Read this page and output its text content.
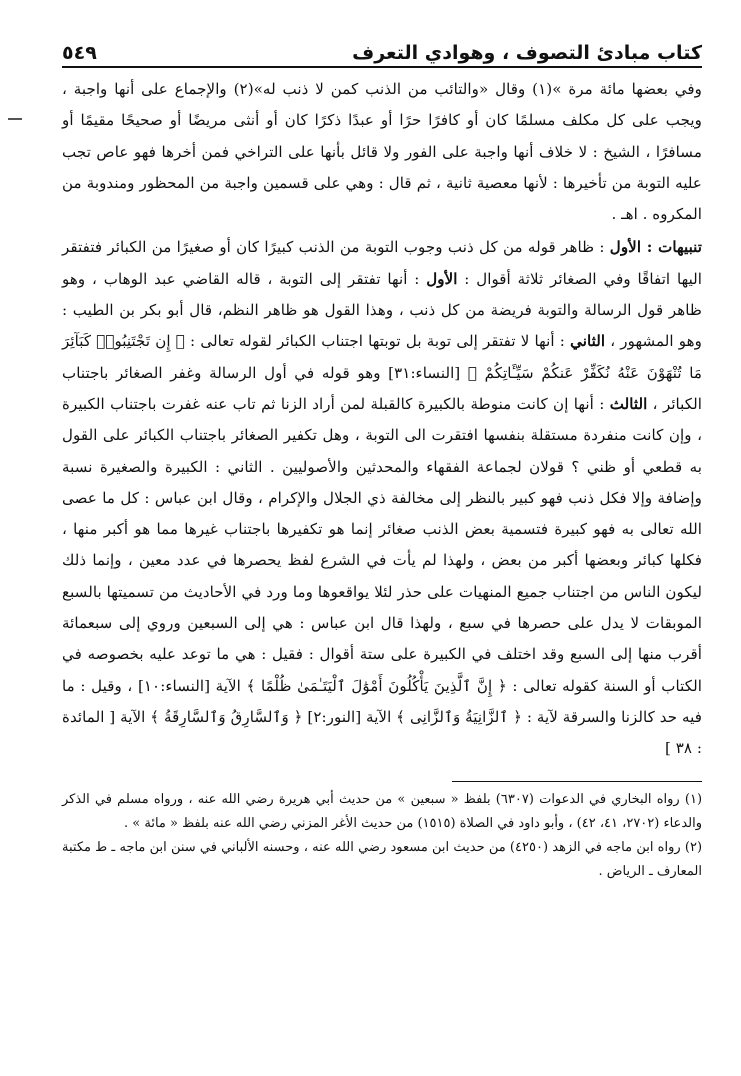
كتاب مبادئ التصوف ، وهوادي التعرف
٥٤٩

وفي بعضها مائة مرة »(١) وقال «والتائب من الذنب كمن لا ذنب له»(٢) والإجماع على أنها واجبة ، ويجب على كل مكلف مسلمًا كان أو كافرًا حرًا أو عبدًا ذكرًا كان أو أنثى مريضًا أو صحيحًا مقيمًا أو مسافرًا ، الشيخ : لا خلاف أنها واجبة على الفور ولا قائل بأنها على التراخي فمن أخرها فهو عاص تجب عليه التوبة من تأخيرها : لأنها معصية ثانية ، ثم قال : وهي على قسمين واجبة من المحظور ومندوبة من المكروه . اهـ .

تنبيهات : الأول : ظاهر قوله من كل ذنب وجوب التوبة من الذنب كبيرًا كان أو صغيرًا من الكبائر فتفتقر اليها اتفاقًا وفي الصغائر ثلاثة أقوال : الأول : أنها تفتقر إلى التوبة ، قاله القاضي عبد الوهاب ، وهو ظاهر قول الرسالة والتوبة فريضة من كل ذنب ، وهذا القول هو ظاهر النظم، قال أبو بكر بن الطيب : وهو المشهور ، الثاني : أنها لا تفتقر إلى توبة بل توبتها اجتناب الكبائر لقوله تعالى : ﴿ إِن تَجْتَنِبُوا۟ كَبَآئِرَ مَا تُنْهَوْنَ عَنْهُ نُكَفِّرْ عَنكُمْ سَيِّـَٔاتِكُمْ ﴾ [النساء:٣١] وهو قوله في أول الرسالة وغفر الصغائر باجتناب الكبائر ، الثالث : أنها إن كانت منوطة بالكبيرة كالقبلة لمن أراد الزنا ثم تاب عنه غفرت باجتناب الكبيرة ، وإن كانت منفردة مستقلة بنفسها افتقرت الى التوبة ، وهل تكفير الصغائر باجتناب الكبائر على القول به قطعي أو ظني ؟ قولان لجماعة الفقهاء والمحدثين والأصوليين . الثاني : الكبيرة والصغيرة نسبة وإضافة وإلا فكل ذنب فهو كبير بالنظر إلى مخالفة ذي الجلال والإكرام ، وقال ابن عباس : كل ما عصى الله تعالى به فهو كبيرة فتسمية بعض الذنب صغائر إنما هو تكفيرها باجتناب غيرها مما هو أكبر منها ، فكلها كبائر وبعضها أكبر من بعض ، ولهذا لم يأت في الشرع لفظ يحصرها في عدد معين ، وإنما ذلك ليكون الناس من اجتناب جميع المنهيات على حذر لئلا يواقعوها وما ورد في الأحاديث من تسميتها بالسبع الموبقات لا يدل على حصرها في سبع ، ولهذا قال ابن عباس : هي إلى السبعين وروي إلى سبعمائة أقرب منها إلى السبع وقد اختلف في الكبيرة على ستة أقوال : فقيل : هي ما توعد عليه بخصوصه في الكتاب أو السنة كقوله تعالى : ﴿ إِنَّ ٱلَّذِينَ يَأْكُلُونَ أَمْوَٰلَ ٱلْيَتَـٰمَىٰ ظُلْمًا ﴾ الآية [النساء:١٠] ، وقيل : ما فيه حد كالزنا والسرقة لآية : ﴿ ٱلزَّانِيَةُ وَٱلزَّانِى ﴾ الآية [النور:٢] ﴿ وَٱلسَّارِقُ وَٱلسَّارِقَةُ ﴾ الآية [ المائدة : ٣٨ ]

(١) رواه البخاري في الدعوات (٦٣٠٧) بلفظ « سبعين » من حديث أبي هريرة رضي الله عنه ، ورواه مسلم في الذكر والدعاء (٢٧٠٢، ٤١، ٤٢) ، وأبو داود في الصلاة (١٥١٥) من حديث الأغر المزني رضي الله عنه بلفظ « مائة » .

(٢) رواه ابن ماجه في الزهد (٤٢٥٠) من حديث ابن مسعود رضي الله عنه ، وحسنه الألباني في سنن ابن ماجه ـ ط مكتبة المعارف ـ الرياض .
